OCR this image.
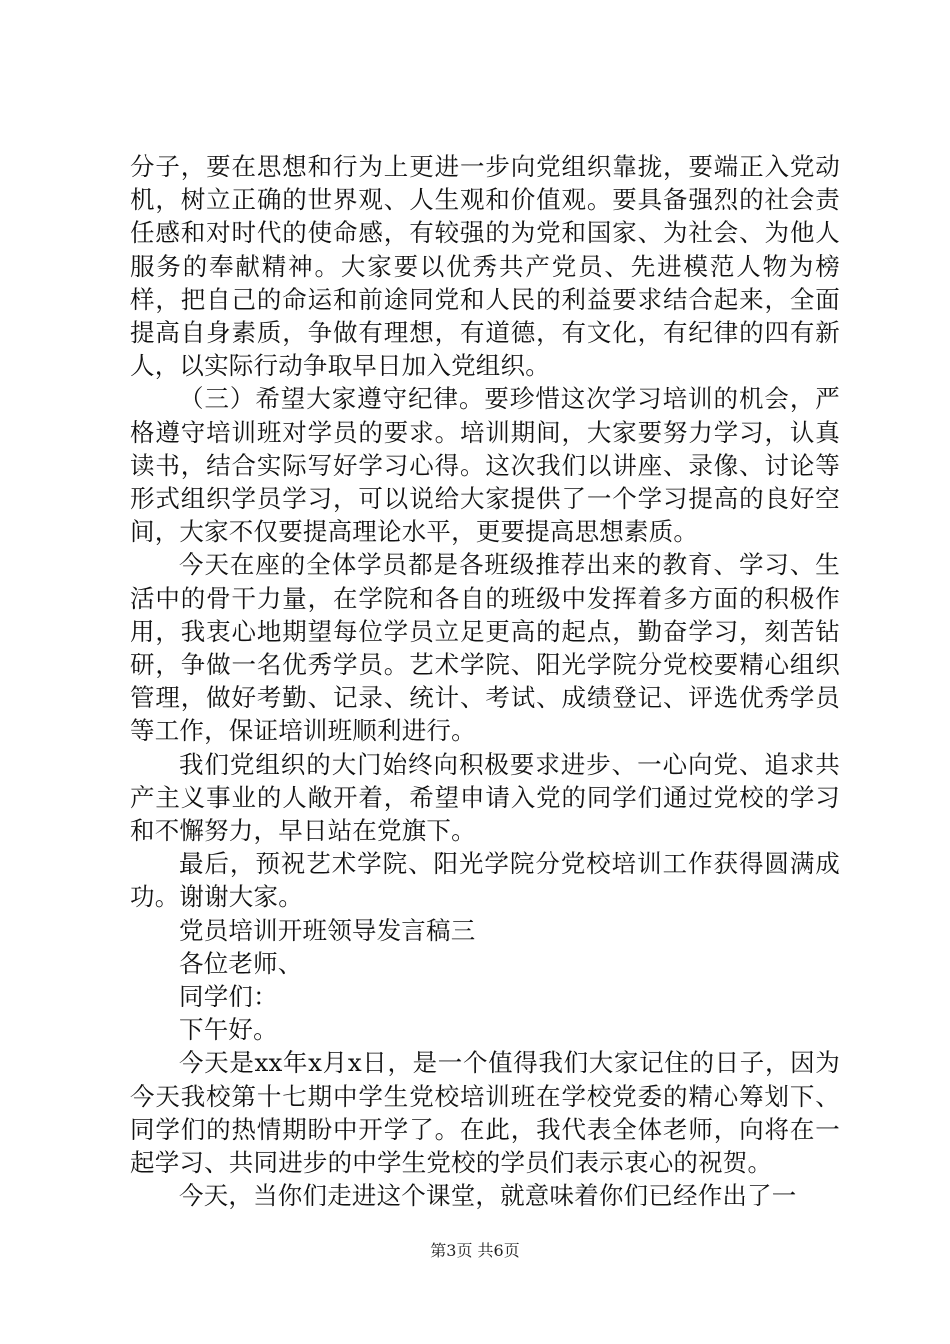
分子，要在思想和行为上更进一步向党组织靠拢，要端正入党动机，树立正确的世界观、人生观和价值观。要具备强烈的社会责任感和对时代的使命感，有较强的为党和国家、为社会、为他人服务的奉献精神。大家要以优秀共产党员、先进模范人物为榜样，把自己的命运和前途同党和人民的利益要求结合起来，全面提高自身素质，争做有理想，有道德，有文化，有纪律的四有新人，以实际行动争取早日加入党组织。

（三）希望大家遵守纪律。要珍惜这次学习培训的机会，严格遵守培训班对学员的要求。培训期间，大家要努力学习，认真读书，结合实际写好学习心得。这次我们以讲座、录像、讨论等形式组织学员学习，可以说给大家提供了一个学习提高的良好空间，大家不仅要提高理论水平，更要提高思想素质。

今天在座的全体学员都是各班级推荐出来的教育、学习、生活中的骨干力量，在学院和各自的班级中发挥着多方面的积极作用，我衷心地期望每位学员立足更高的起点，勤奋学习，刻苦钻研，争做一名优秀学员。艺术学院、阳光学院分党校要精心组织管理，做好考勤、记录、统计、考试、成绩登记、评选优秀学员等工作，保证培训班顺利进行。

我们党组织的大门始终向积极要求进步、一心向党、追求共产主义事业的人敞开着，希望申请入党的同学们通过党校的学习和不懈努力，早日站在党旗下。

最后，预祝艺术学院、阳光学院分党校培训工作获得圆满成功。谢谢大家。

党员培训开班领导发言稿三

各位老师、

同学们：

下午好。

今天是xx年x月x日，是一个值得我们大家记住的日子，因为今天我校第十七期中学生党校培训班在学校党委的精心筹划下、同学们的热情期盼中开学了。在此，我代表全体老师，向将在一起学习、共同进步的中学生党校的学员们表示衷心的祝贺。

今天，当你们走进这个课堂，就意味着你们已经作出了一

第3页 共6页
